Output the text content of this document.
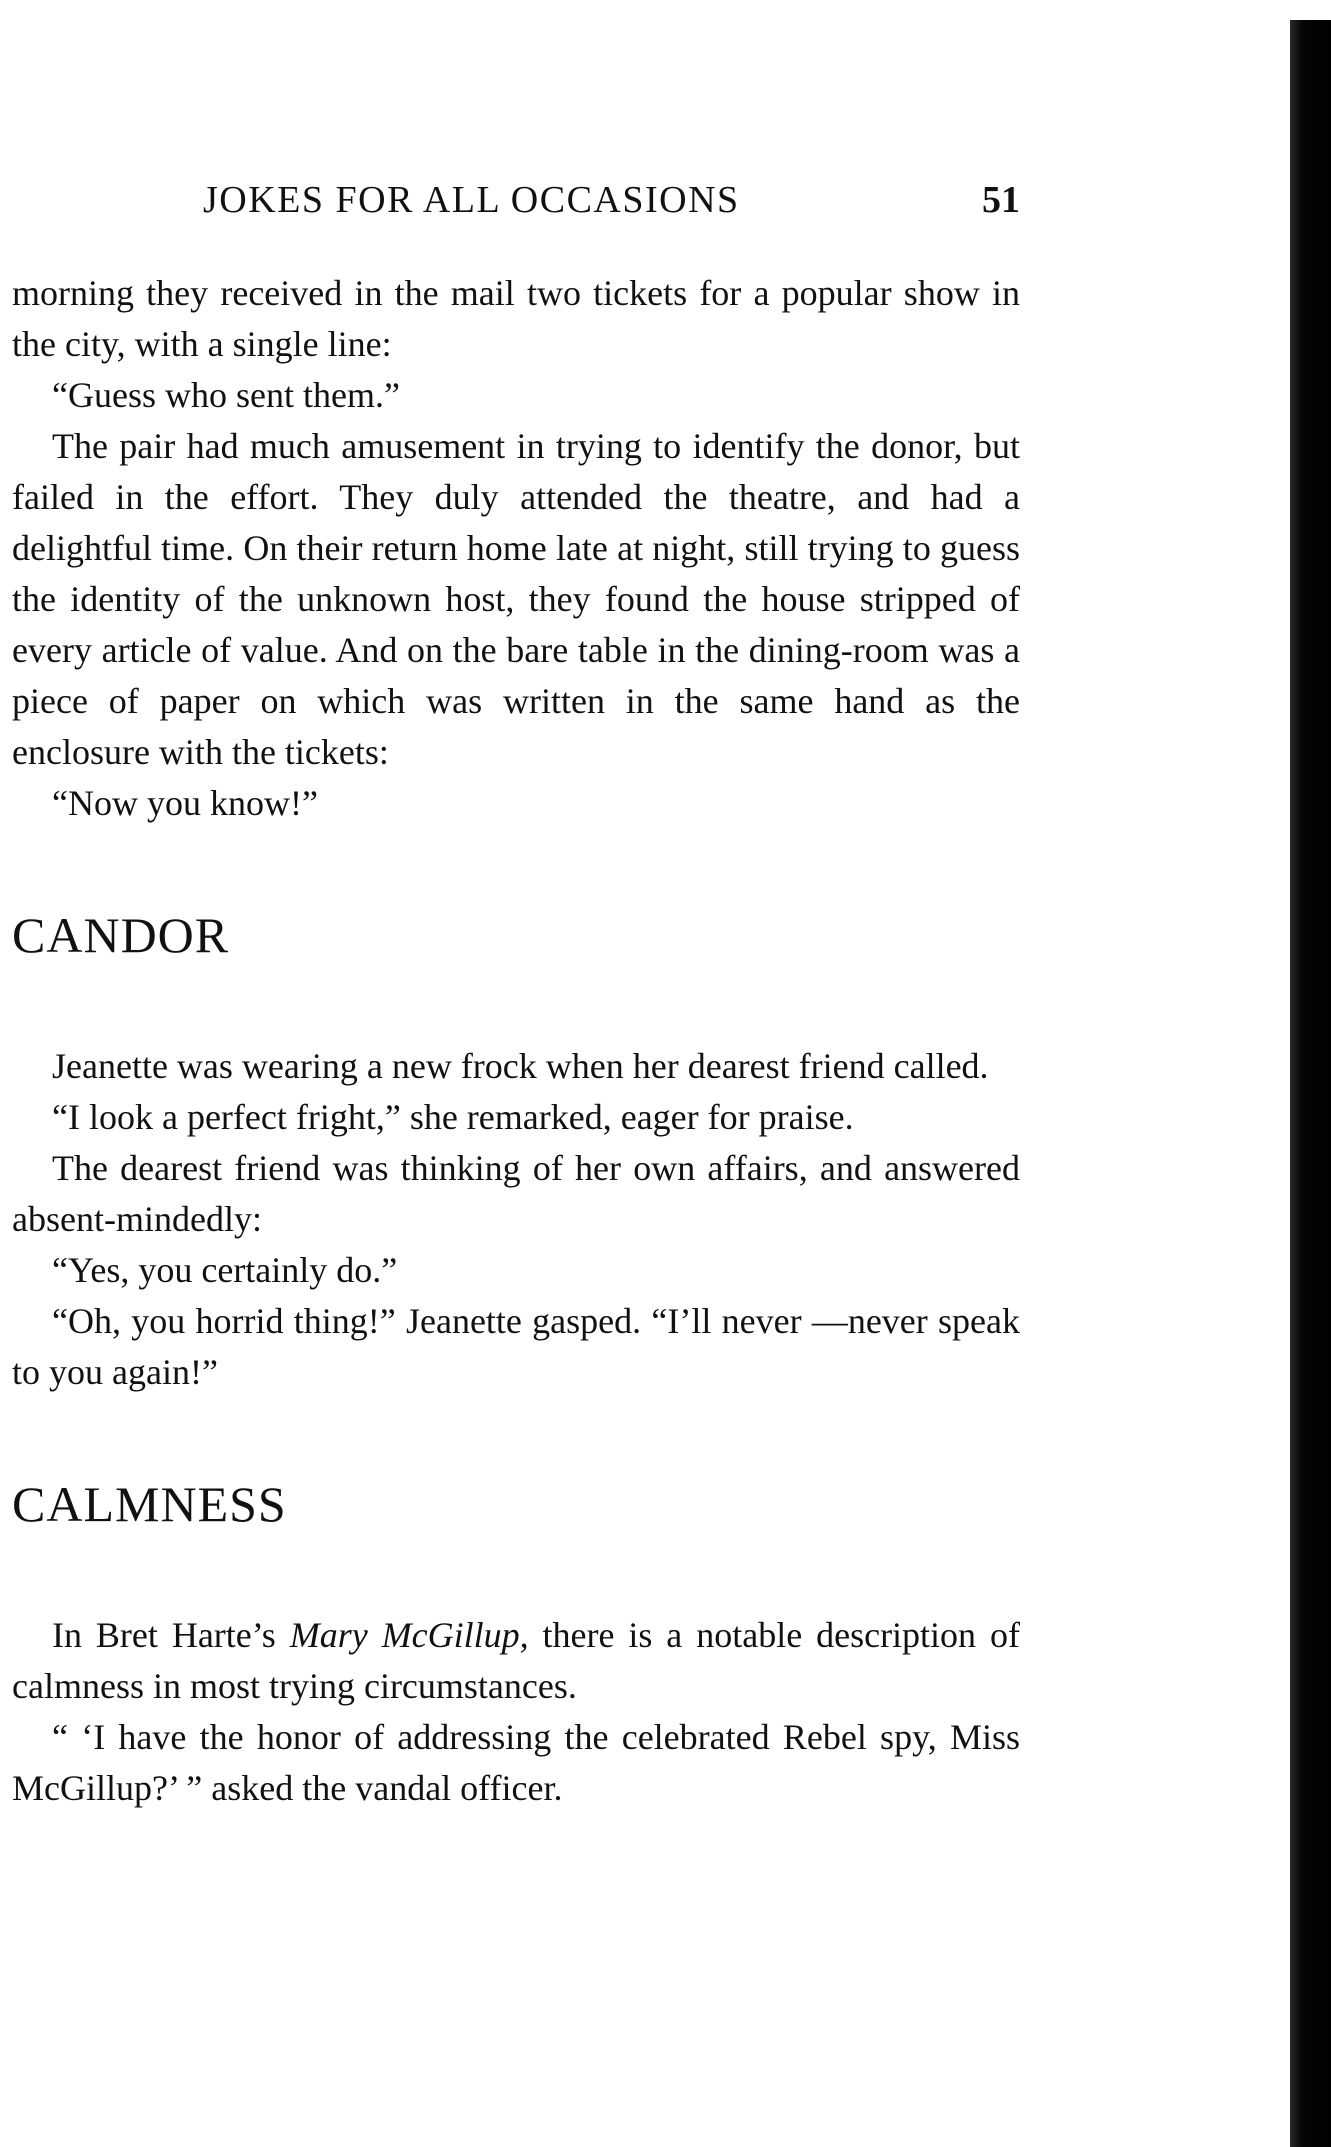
JOKES FOR ALL OCCASIONS	51

morning they received in the mail two tickets for a popular show in the city, with a single line:

“Guess who sent them.”

The pair had much amusement in trying to identify the donor, but failed in the effort. They duly attended the theatre, and had a delightful time. On their return home late at night, still trying to guess the identity of the unknown host, they found the house stripped of every article of value. And on the bare table in the dining-room was a piece of paper on which was written in the same hand as the enclosure with the tickets:

“Now you know!”

CANDOR

Jeanette was wearing a new frock when her dearest friend called.

“I look a perfect fright,” she remarked, eager for praise.

The dearest friend was thinking of her own affairs, and answered absent-mindedly:

“Yes, you certainly do.”

“Oh, you horrid thing!” Jeanette gasped. “I’ll never —never speak to you again!”

CALMNESS

In Bret Harte’s Mary McGillup, there is a notable description of calmness in most trying circumstances.

“ ‘I have the honor of addressing the celebrated Rebel spy, Miss McGillup?’ ” asked the vandal officer.
